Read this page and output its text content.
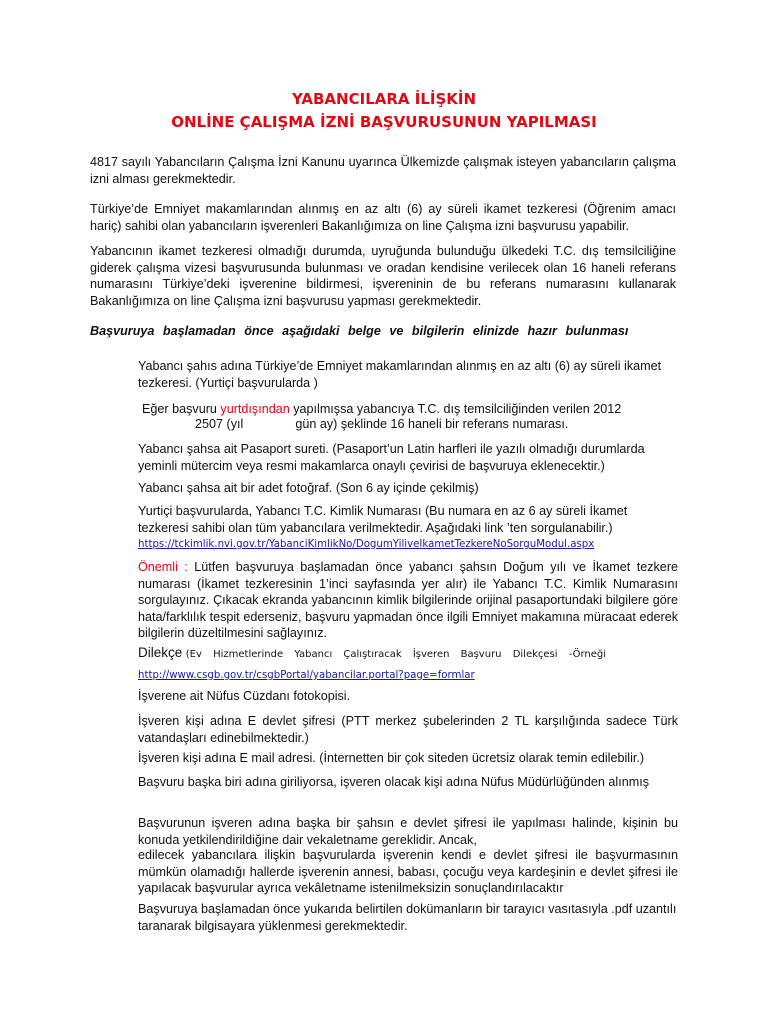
YABANCILARA İLİŞKİN
ONLİNE ÇALIŞMA İZNİ BAŞVURUSUNUN YAPILMASI

4817 sayılı Yabancıların Çalışma İzni Kanunu uyarınca Ülkemizde çalışmak isteyen yabancıların çalışma izni alması gerekmektedir.

Türkiye’de Emniyet makamlarından alınmış en az altı (6) ay süreli ikamet tezkeresi (Öğrenim amacı hariç) sahibi olan yabancıların işverenleri Bakanlığımıza on line Çalışma izni başvurusu yapabilir.

Yabancının ikamet tezkeresi olmadığı durumda, uyruğunda bulunduğu ülkedeki T.C. dış temsilciliğine giderek çalışma vizesi başvurusunda bulunması ve oradan kendisine verilecek olan 16 haneli referans numarasını Türkiye’deki işverenine bildirmesi, işvereninin de bu referans numarasını kullanarak Bakanlığımıza on line Çalışma izni başvurusu yapması gerekmektedir.

Başvuruya başlamadan önce aşağıdaki belge ve bilgilerin elinizde hazır bulunması

Yabancı şahıs adına Türkiye’de Emniyet makamlarından alınmış en az altı (6) ay süreli ikamet tezkeresi. (Yurtiçi başvurularda )

Eğer başvuru yurtdışından yapılmışsa yabancıya T.C. dış temsilciliğinden verilen 2012

2507 (yıl	gün ay) şeklinde 16 haneli bir referans numarası.

Yabancı şahsa ait Pasaport sureti. (Pasaport’un Latin harfleri ile yazılı olmadığı durumlarda yeminli mütercim veya resmi makamlarca onaylı çevirisi de başvuruya eklenecektir.)

Yabancı şahsa ait bir adet fotoğraf. (Son 6 ay içinde çekilmiş)

Yurtiçi başvurularda, Yabancı T.C. Kimlik Numarası (Bu numara en az 6 ay süreli İkamet tezkeresi sahibi olan tüm yabancılara verilmektedir. Aşağıdaki link ’ten sorgulanabilir.)

https://tckimlik.nvi.gov.tr/YabanciKimlikNo/DogumYiliveIkametTezkereNoSorguModul.aspx

Önemli : Lütfen başvuruya başlamadan önce yabancı şahsın Doğum yılı ve İkamet tezkere numarası (İkamet tezkeresinin 1’inci sayfasında yer alır) ile Yabancı T.C. Kimlik Numarasını sorgulayınız. Çıkacak ekranda yabancının kimlik bilgilerinde orijinal pasaportundaki bilgilere göre hata/farklılık tespit ederseniz, başvuru yapmadan önce ilgili Emniyet makamına müracaat ederek bilgilerin düzeltilmesini sağlayınız.

Dilekçe (Ev Hizmetlerinde Yabancı Çalıştıracak İşveren Başvuru Dilekçesi -Örneği

http://www.csgb.gov.tr/csgbPortal/yabancilar.portal?page=formlar

İşverene ait Nüfus Cüzdanı fotokopisi.

İşveren kişi adına E devlet şifresi (PTT merkez şubelerinden 2 TL karşılığında sadece Türk vatandaşları edinebilmektedir.)

İşveren kişi adına E mail adresi. (İnternetten bir çok siteden ücretsiz olarak temin edilebilir.)

Başvuru başka biri adına giriliyorsa, işveren olacak kişi adına Nüfus Müdürlüğünden alınmış

Başvurunun işveren adına başka bir şahsın e devlet şifresi ile yapılması halinde, kişinin bu konuda yetkilendirildiğine dair vekaletname gereklidir. Ancak,

edilecek yabancılara ilişkin başvurularda işverenin kendi e devlet şifresi ile başvurmasının mümkün olamadığı hallerde işverenin annesi, babası, çocuğu veya kardeşinin e devlet şifresi ile yapılacak başvurular ayrıca vekâletname istenilmeksizin sonuçlandırılacaktır

Başvuruya başlamadan önce yukarıda belirtilen dokümanların bir tarayıcı vasıtasıyla .pdf uzantılı taranarak bilgisayara yüklenmesi gerekmektedir.
